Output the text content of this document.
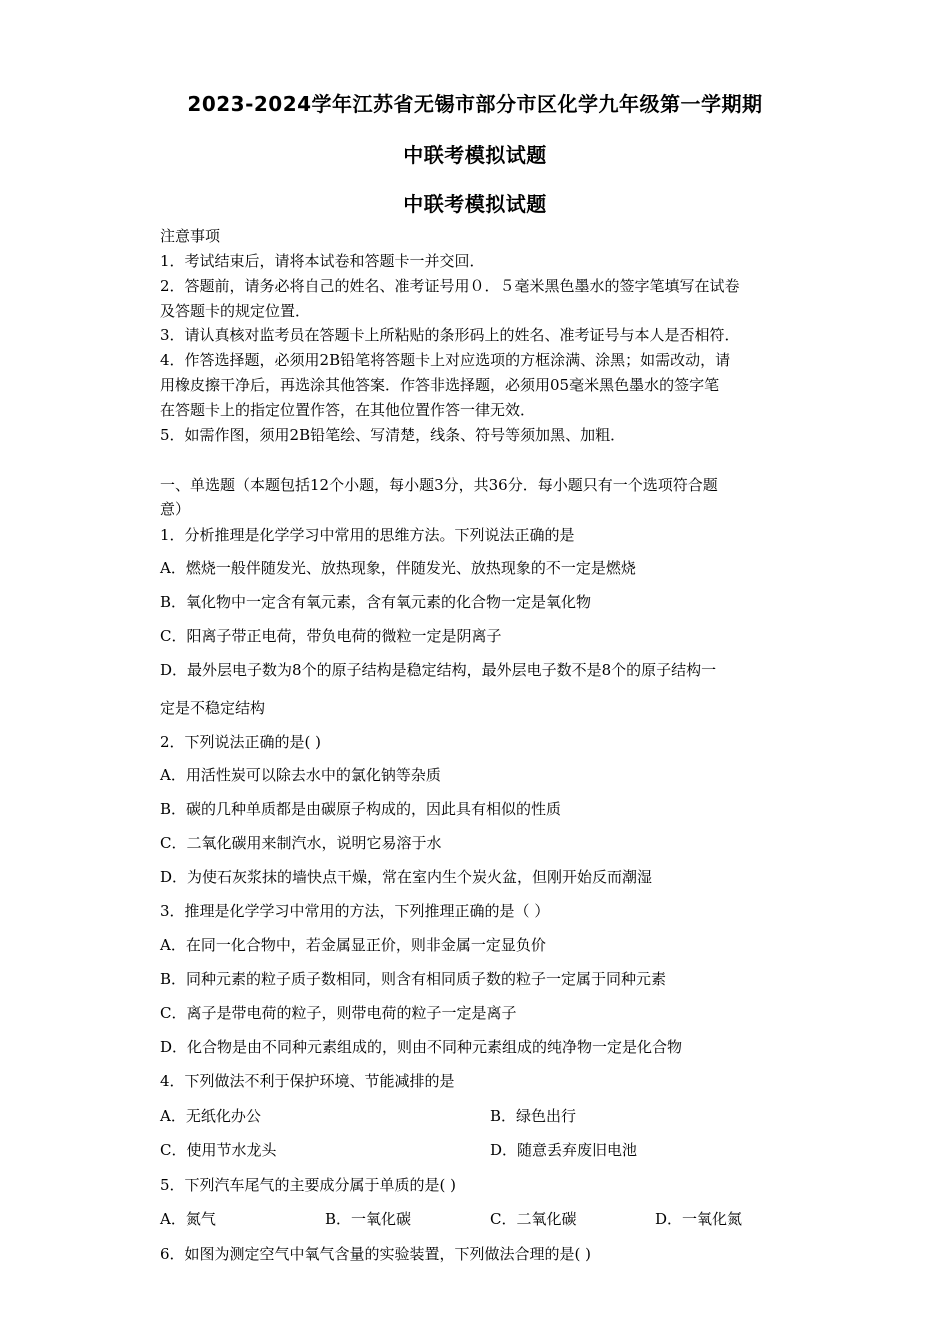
2023-2024学年江苏省无锡市部分市区化学九年级第一学期期
中联考模拟试题
中联考模拟试题
注意事项
1．考试结束后，请将本试卷和答题卡一并交回．
2．答题前，请务必将自己的姓名、准考证号用０．５毫米黑色墨水的签字笔填写在试卷
及答题卡的规定位置．
3．请认真核对监考员在答题卡上所粘贴的条形码上的姓名、准考证号与本人是否相符．
4．作答选择题，必须用2B铅笔将答题卡上对应选项的方框涂满、涂黑；如需改动，请
用橡皮擦干净后，再选涂其他答案．作答非选择题，必须用05毫米黑色墨水的签字笔
在答题卡上的指定位置作答，在其他位置作答一律无效．
5．如需作图，须用2B铅笔绘、写清楚，线条、符号等须加黑、加粗．
一、单选题（本题包括12个小题，每小题3分，共36分．每小题只有一个选项符合题
意）
1．分析推理是化学学习中常用的思维方法。下列说法正确的是
A．燃烧一般伴随发光、放热现象，伴随发光、放热现象的不一定是燃烧
B．氧化物中一定含有氧元素，含有氧元素的化合物一定是氧化物
C．阳离子带正电荷，带负电荷的微粒一定是阴离子
D．最外层电子数为8个的原子结构是稳定结构，最外层电子数不是8个的原子结构一
定是不稳定结构
2．下列说法正确的是( )
A．用活性炭可以除去水中的氯化钠等杂质
B．碳的几种单质都是由碳原子构成的，因此具有相似的性质
C．二氧化碳用来制汽水，说明它易溶于水
D．为使石灰浆抹的墙快点干燥，常在室内生个炭火盆，但刚开始反而潮湿
3．推理是化学学习中常用的方法，下列推理正确的是（ ）
A．在同一化合物中，若金属显正价，则非金属一定显负价
B．同种元素的粒子质子数相同，则含有相同质子数的粒子一定属于同种元素
C．离子是带电荷的粒子，则带电荷的粒子一定是离子
D．化合物是由不同种元素组成的，则由不同种元素组成的纯净物一定是化合物
4．下列做法不利于保护环境、节能减排的是
A．无纸化办公	B．绿色出行
C．使用节水龙头	D．随意丢弃废旧电池
5．下列汽车尾气的主要成分属于单质的是( )
A．氮气	B．一氧化碳	C．二氧化碳	D．一氧化氮
6．如图为测定空气中氧气含量的实验装置，下列做法合理的是( )
